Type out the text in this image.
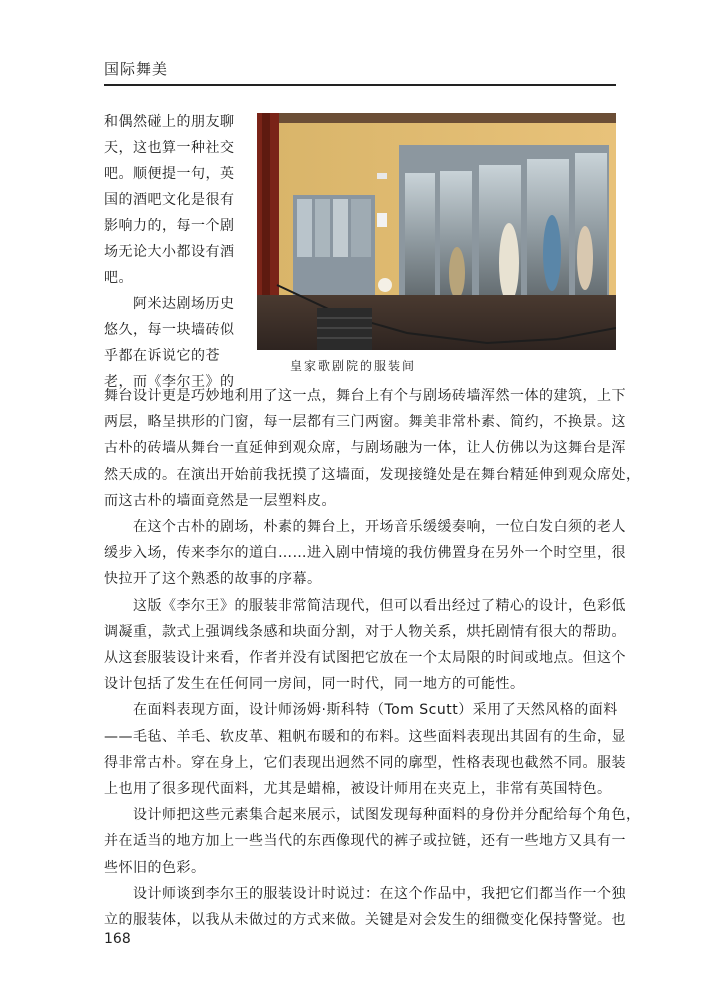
国际舞美
和偶然碰上的朋友聊
天，这也算一种社交
吧。顺便提一句，英
国的酒吧文化是很有
影响力的，每一个剧
场无论大小都设有酒
吧。
　　阿米达剧场历史
悠久，每一块墙砖似
乎都在诉说它的苍
老，而《李尔王》的
皇家歌剧院的服装间
舞台设计更是巧妙地利用了这一点，舞台上有个与剧场砖墙浑然一体的建筑，上下
两层，略呈拱形的门窗，每一层都有三门两窗。舞美非常朴素、简约，不换景。这
古朴的砖墙从舞台一直延伸到观众席，与剧场融为一体，让人仿佛以为这舞台是浑
然天成的。在演出开始前我抚摸了这墙面，发现接缝处是在舞台精延伸到观众席处，
而这古朴的墙面竟然是一层塑料皮。
　　在这个古朴的剧场，朴素的舞台上，开场音乐缓缓奏响，一位白发白须的老人
缓步入场，传来李尔的道白……进入剧中情境的我仿佛置身在另外一个时空里，很
快拉开了这个熟悉的故事的序幕。
　　这版《李尔王》的服装非常简洁现代，但可以看出经过了精心的设计，色彩低
调凝重，款式上强调线条感和块面分割，对于人物关系，烘托剧情有很大的帮助。
从这套服装设计来看，作者并没有试图把它放在一个太局限的时间或地点。但这个
设计包括了发生在任何同一房间，同一时代，同一地方的可能性。
　　在面料表现方面，设计师汤姆·斯科特（Tom Scutt）采用了天然风格的面料
——毛毡、羊毛、软皮革、粗帆布暖和的布料。这些面料表现出其固有的生命，显
得非常古朴。穿在身上，它们表现出迥然不同的廓型，性格表现也截然不同。服装
上也用了很多现代面料，尤其是蜡棉，被设计师用在夹克上，非常有英国特色。
　　设计师把这些元素集合起来展示，试图发现每种面料的身份并分配给每个角色，
并在适当的地方加上一些当代的东西像现代的裤子或拉链，还有一些地方又具有一
些怀旧的色彩。
　　设计师谈到李尔王的服装设计时说过：在这个作品中，我把它们都当作一个独
立的服装体，以我从未做过的方式来做。关键是对会发生的细微变化保持警觉。也
168
